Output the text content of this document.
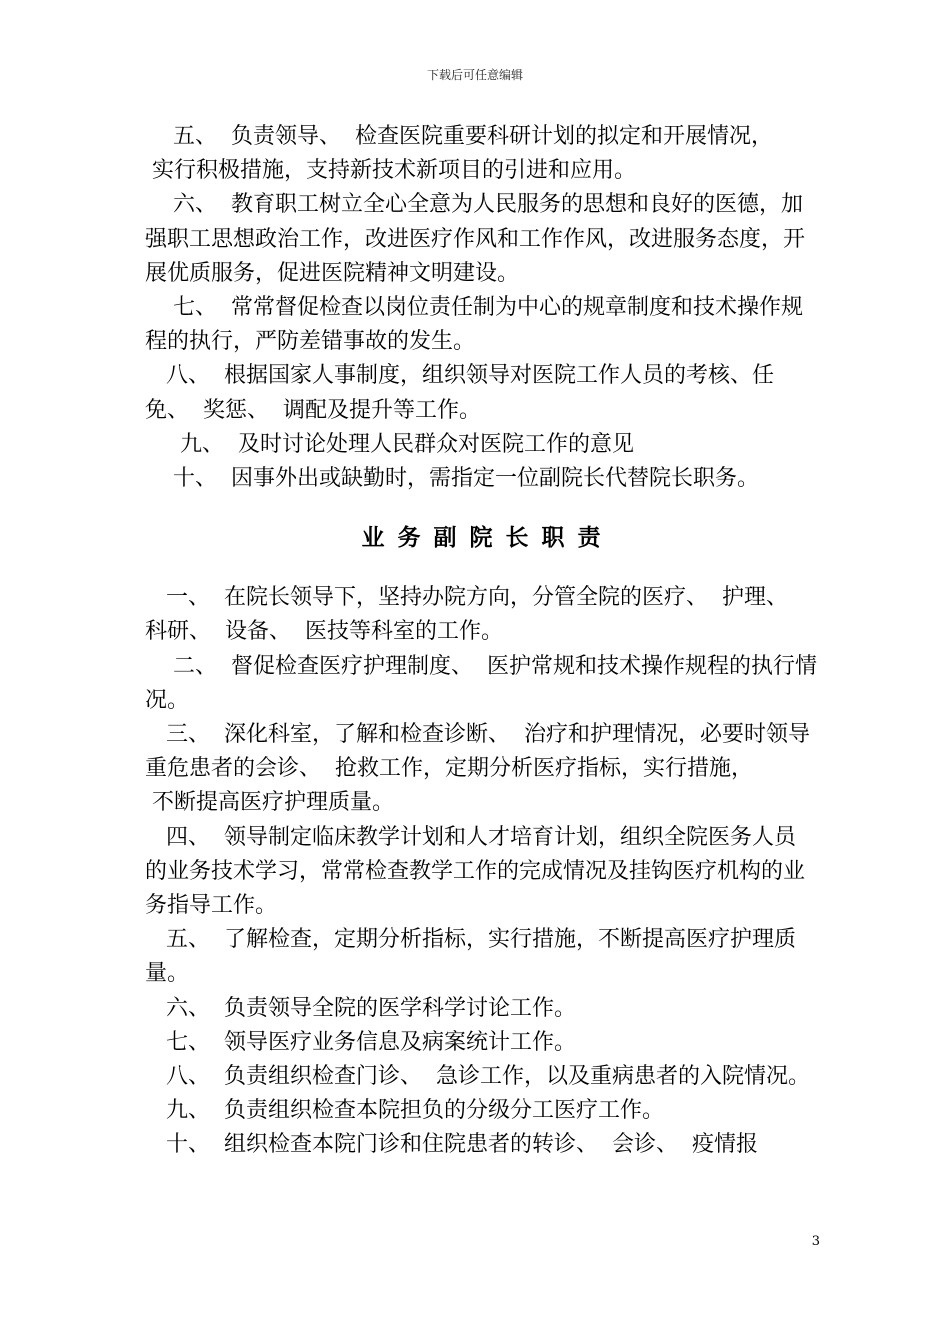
下载后可任意编辑

五、  负责领导、  检查医院重要科研计划的拟定和开展情况，
实行积极措施，支持新技术新项目的引进和应用。

六、  教育职工树立全心全意为人民服务的思想和良好的医德，加强职工思想政治工作，改进医疗作风和工作作风，改进服务态度，开展优质服务，促进医院精神文明建设。

七、  常常督促检查以岗位责任制为中心的规章制度和技术操作规程的执行，严防差错事故的发生。

八、  根据国家人事制度，组织领导对医院工作人员的考核、任免、  奖惩、  调配及提升等工作。

九、  及时讨论处理人民群众对医院工作的意见

十、  因事外出或缺勤时，需指定一位副院长代替院长职务。

业务副院长职责

一、  在院长领导下，坚持办院方向，分管全院的医疗、  护理、  科研、  设备、  医技等科室的工作。

二、  督促检查医疗护理制度、  医护常规和技术操作规程的执行情况。

三、  深化科室，了解和检查诊断、  治疗和护理情况，必要时领导重危患者的会诊、  抢救工作，定期分析医疗指标，实行措施，
不断提高医疗护理质量。

四、  领导制定临床教学计划和人才培育计划，组织全院医务人员的业务技术学习，常常检查教学工作的完成情况及挂钩医疗机构的业务指导工作。

五、  了解检查，定期分析指标，实行措施，不断提高医疗护理质量。

六、  负责领导全院的医学科学讨论工作。

七、  领导医疗业务信息及病案统计工作。

八、  负责组织检查门诊、  急诊工作，以及重病患者的入院情况。

九、  负责组织检查本院担负的分级分工医疗工作。

十、  组织检查本院门诊和住院患者的转诊、  会诊、  疫情报

3
